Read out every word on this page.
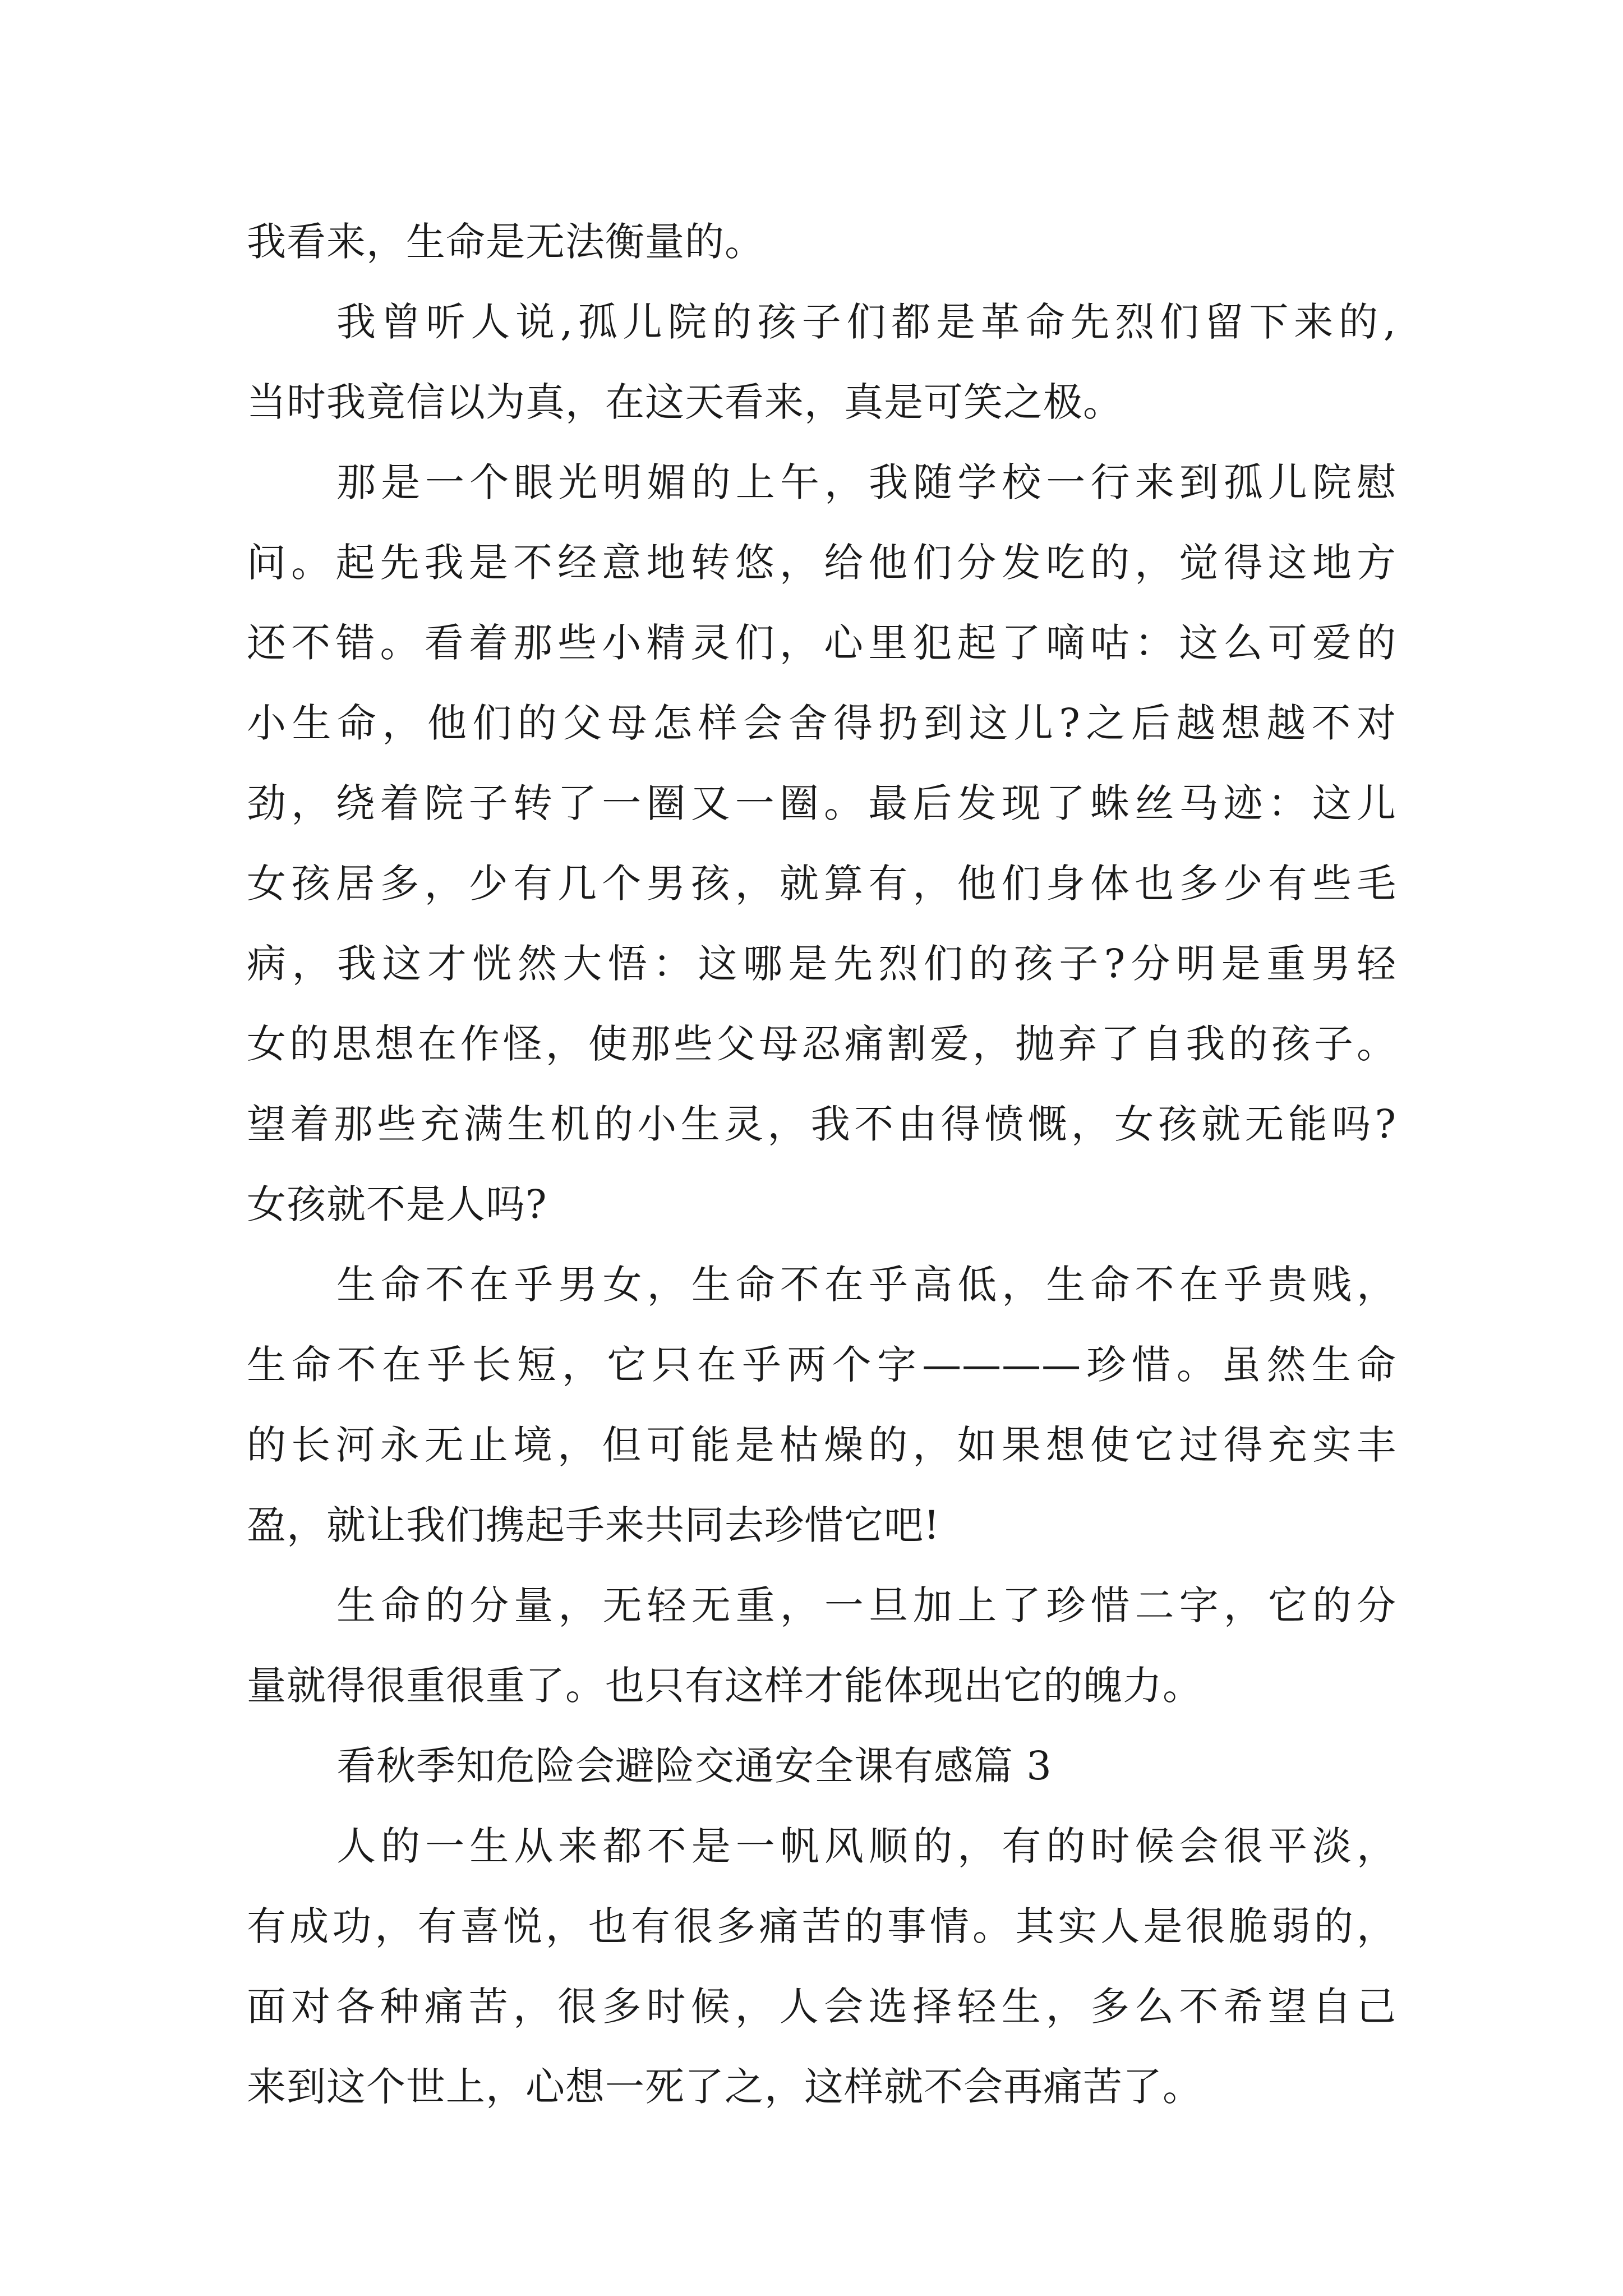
我看来，生命是无法衡量的。
我曾听人说,孤儿院的孩子们都是革命先烈们留下来的,
当时我竟信以为真，在这天看来，真是可笑之极。
那是一个眼光明媚的上午，我随学校一行来到孤儿院慰
问。起先我是不经意地转悠，给他们分发吃的，觉得这地方
还不错。看着那些小精灵们，心里犯起了嘀咕：这么可爱的
小生命，他们的父母怎样会舍得扔到这儿?之后越想越不对
劲，绕着院子转了一圈又一圈。最后发现了蛛丝马迹：这儿
女孩居多，少有几个男孩，就算有，他们身体也多少有些毛
病，我这才恍然大悟：这哪是先烈们的孩子?分明是重男轻
女的思想在作怪，使那些父母忍痛割爱，抛弃了自我的孩子。
望着那些充满生机的小生灵，我不由得愤慨，女孩就无能吗?
女孩就不是人吗?
生命不在乎男女，生命不在乎高低，生命不在乎贵贱，
生命不在乎长短，它只在乎两个字————珍惜。虽然生命
的长河永无止境，但可能是枯燥的，如果想使它过得充实丰
盈，就让我们携起手来共同去珍惜它吧!
生命的分量，无轻无重，一旦加上了珍惜二字，它的分
量就得很重很重了。也只有这样才能体现出它的魄力。
看秋季知危险会避险交通安全课有感篇 3
人的一生从来都不是一帆风顺的，有的时候会很平淡，
有成功，有喜悦，也有很多痛苦的事情。其实人是很脆弱的，
面对各种痛苦，很多时候，人会选择轻生，多么不希望自己
来到这个世上，心想一死了之，这样就不会再痛苦了。
